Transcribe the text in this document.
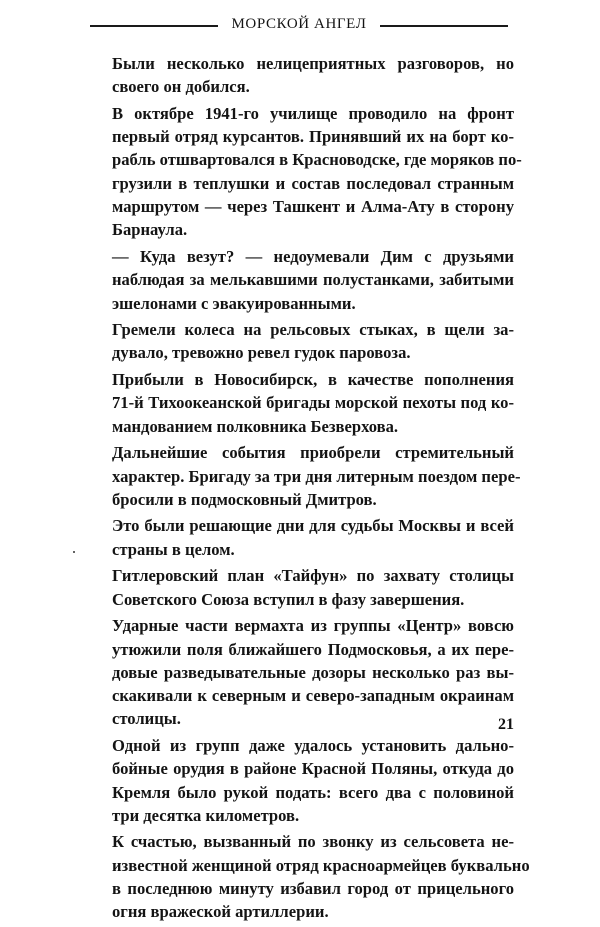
МОРСКОЙ АНГЕЛ

Были несколько нелицеприятных разговоров, но
своего он добился.

В октябре 1941-го училище проводило на фронт
первый отряд курсантов. Принявший их на борт ко-
рабль отшвартовался в Красноводске, где моряков по-
грузили в теплушки и состав последовал странным
маршрутом — через Ташкент и Алма-Ату в сторону
Барнаула.

— Куда везут? — недоумевали Дим с друзьями
наблюдая за мелькавшими полустанками, забитыми
эшелонами с эвакуированными.

Гремели колеса на рельсовых стыках, в щели за-
дувало, тревожно ревел гудок паровоза.

Прибыли в Новосибирск, в качестве пополнения
71-й Тихоокеанской бригады морской пехоты под ко-
мандованием полковника Безверхова.

Дальнейшие события приобрели стремительный
характер. Бригаду за три дня литерным поездом пере-
бросили в подмосковный Дмитров.

Это были решающие дни для судьбы Москвы и всей
страны в целом.

Гитлеровский план «Тайфун» по захвату столицы
Советского Союза вступил в фазу завершения.

Ударные части вермахта из группы «Центр» вовсю
утюжили поля ближайшего Подмосковья, а их пере-
довые разведывательные дозоры несколько раз вы-
скакивали к северным и северо-западным окраинам
столицы.

Одной из групп даже удалось установить дально-
бойные орудия в районе Красной Поляны, откуда до
Кремля было рукой подать: всего два с половиной
три десятка километров.

К счастью, вызванный по звонку из сельсовета не-
известной женщиной отряд красноармейцев буквально
в последнюю минуту избавил город от прицельного
огня вражеской артиллерии.

21
